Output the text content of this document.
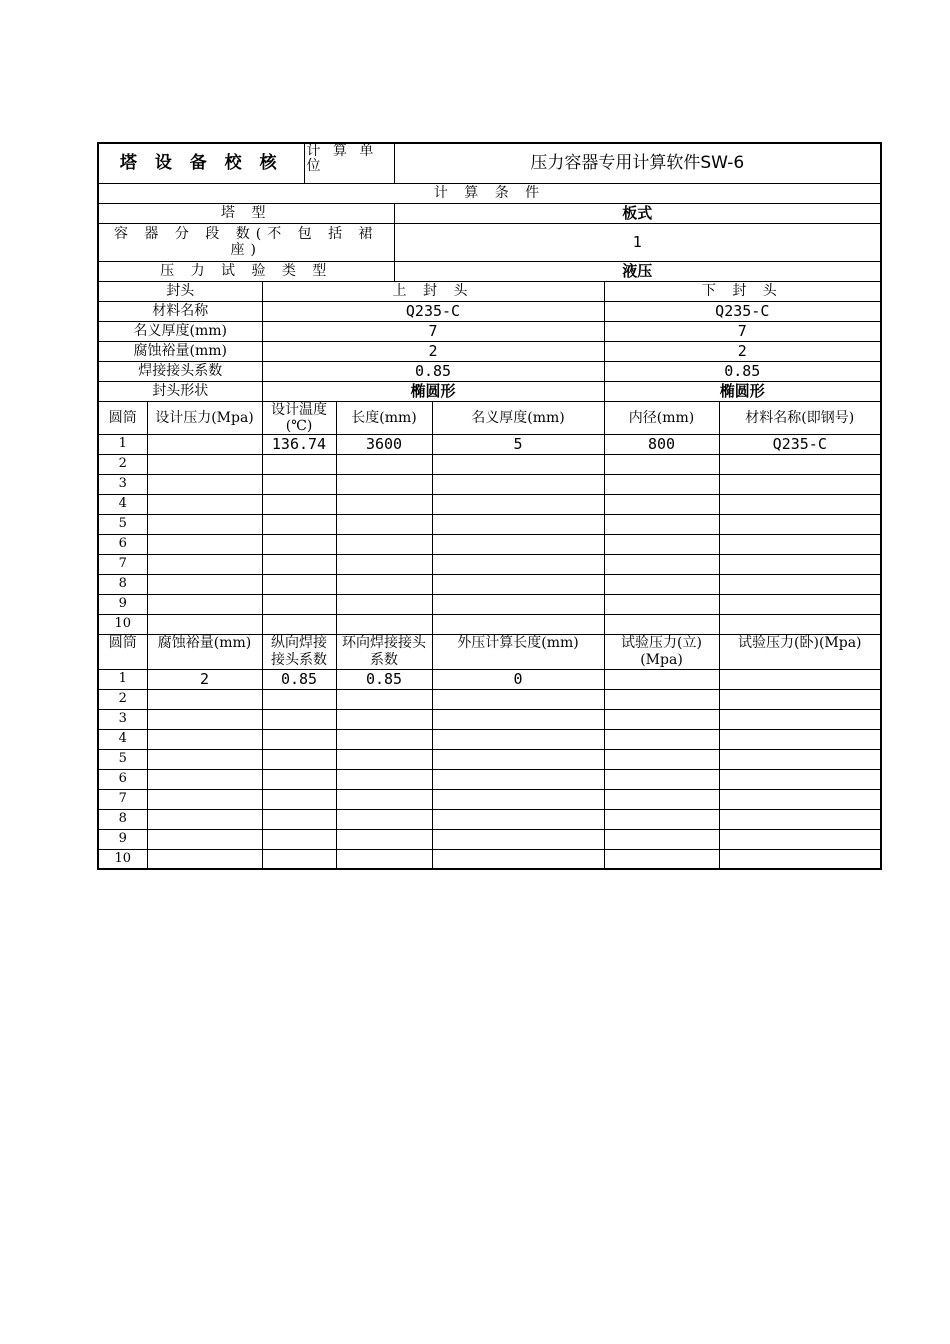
塔 设 备 校 核			计 算 单 位		压力容器专用计算软件SW-6			
计 算 条 件								
塔 型					板式			
容 器 分 段 数(不 包 括 裙 座)					1			
压 力 试 验 类 型					液压			
封头		上 封 头					下 封 头	
材料名称		Q235-C					Q235-C	
名义厚度(mm)		7					7	
腐蚀裕量(mm)		2					2	
焊接接头系数		0.85					0.85	
封头形状		椭圆形					椭圆形	
圆筒	设计压力(Mpa)	设计温度(℃)		长度(mm)		名义厚度(mm)	内径(mm)	材料名称(即钢号)
1		136.74		3600		5	800	Q235-C
2								
3								
4								
5								
6								
7								
8								
9								
10								
圆筒	腐蚀裕量(mm)	纵向焊接接头系数		环向焊接接头系数		外压计算长度(mm)	试验压力(立)(Mpa)	试验压力(卧)(Mpa)
1	2	0.85		0.85		0		
2								
3								
4								
5								
6								
7								
8								
9								
10								
